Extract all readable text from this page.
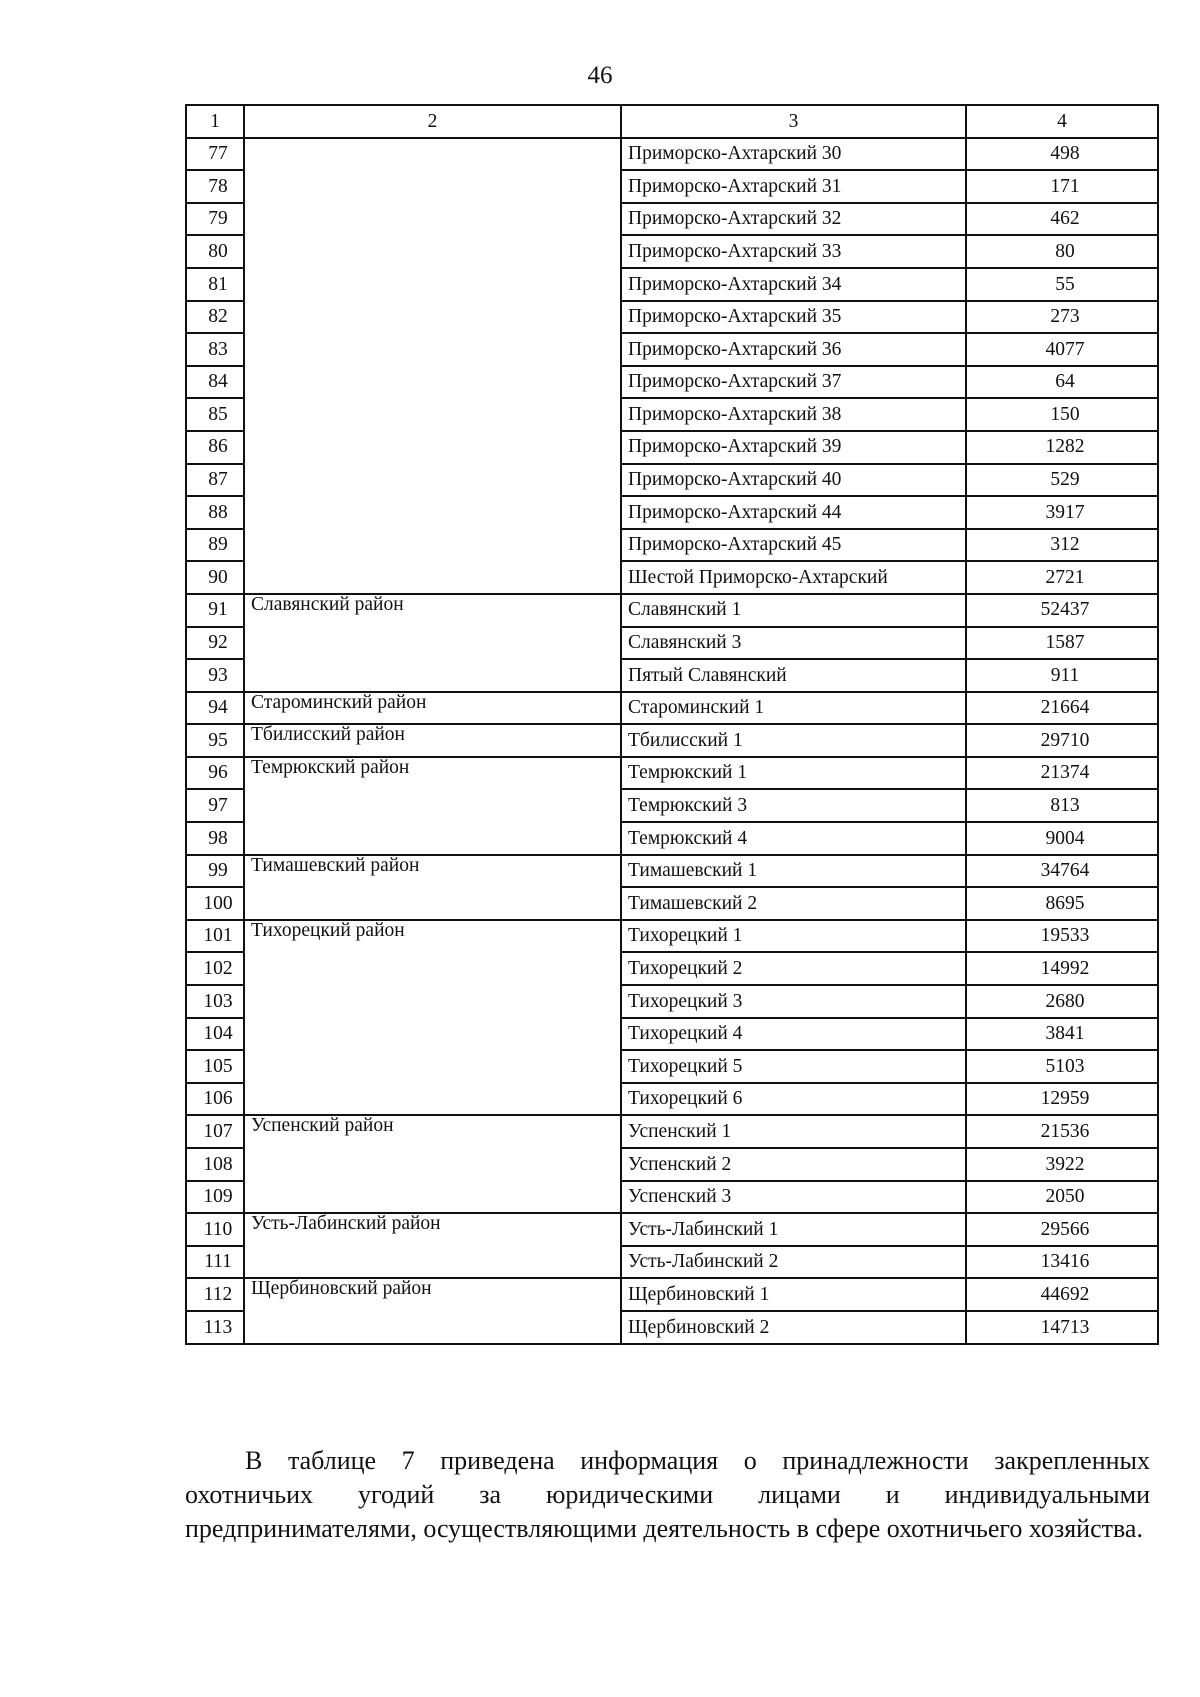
46
1	2	3	4
77		Приморско-Ахтарский 30	498
78		Приморско-Ахтарский 31	171
79		Приморско-Ахтарский 32	462
80		Приморско-Ахтарский 33	80
81		Приморско-Ахтарский 34	55
82		Приморско-Ахтарский 35	273
83		Приморско-Ахтарский 36	4077
84		Приморско-Ахтарский 37	64
85		Приморско-Ахтарский 38	150
86		Приморско-Ахтарский 39	1282
87		Приморско-Ахтарский 40	529
88		Приморско-Ахтарский 44	3917
89		Приморско-Ахтарский 45	312
90		Шестой Приморско-Ахтарский	2721
91	Славянский район	Славянский 1	52437
92		Славянский 3	1587
93		Пятый Славянский	911
94	Староминский район	Староминский 1	21664
95	Тбилисский район	Тбилисский 1	29710
96	Темрюкский район	Темрюкский 1	21374
97		Темрюкский 3	813
98		Темрюкский 4	9004
99	Тимашевский район	Тимашевский 1	34764
100		Тимашевский 2	8695
101	Тихорецкий район	Тихорецкий 1	19533
102		Тихорецкий 2	14992
103		Тихорецкий 3	2680
104		Тихорецкий 4	3841
105		Тихорецкий 5	5103
106		Тихорецкий 6	12959
107	Успенский район	Успенский 1	21536
108		Успенский 2	3922
109		Успенский 3	2050
110	Усть-Лабинский район	Усть-Лабинский 1	29566
111		Усть-Лабинский 2	13416
112	Щербиновский район	Щербиновский 1	44692
113		Щербиновский 2	14713

В таблице 7 приведена информация о принадлежности закрепленных охотничьих угодий за юридическими лицами и индивидуальными предпринимателями, осуществляющими деятельность в сфере охотничьего хозяйства.
